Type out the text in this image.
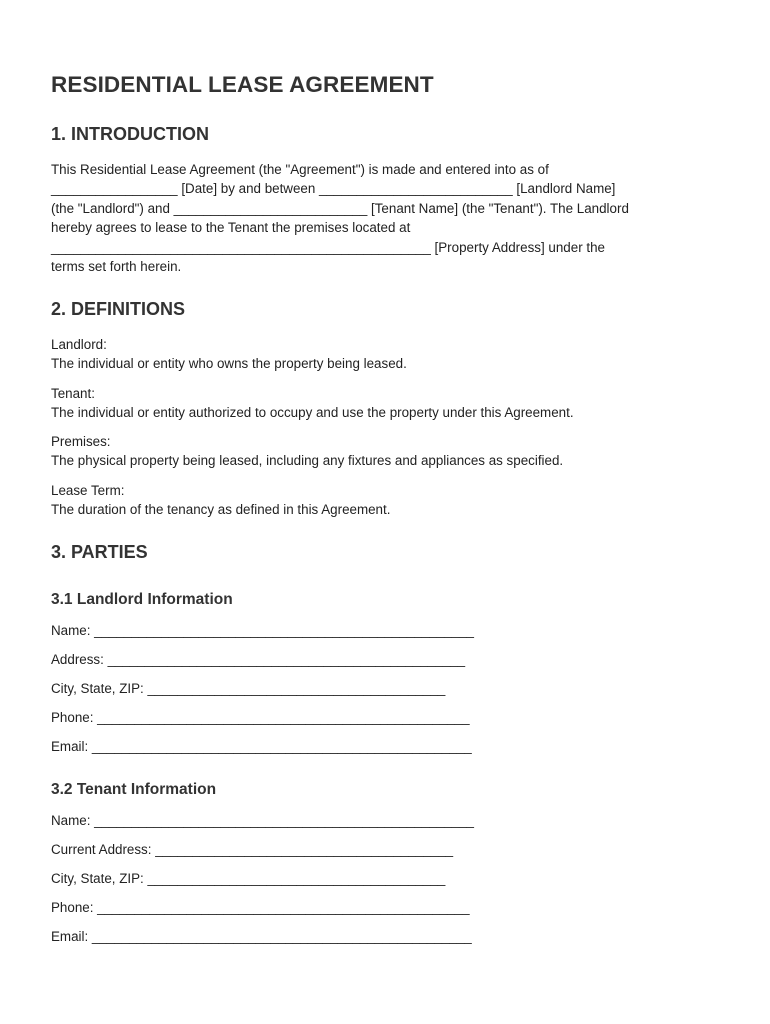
RESIDENTIAL LEASE AGREEMENT
1. INTRODUCTION
This Residential Lease Agreement (the "Agreement") is made and entered into as of
_________________ [Date] by and between __________________________ [Landlord Name]
(the "Landlord") and __________________________ [Tenant Name] (the "Tenant"). The Landlord
hereby agrees to lease to the Tenant the premises located at
___________________________________________________ [Property Address] under the
terms set forth herein.
2. DEFINITIONS
Landlord:
The individual or entity who owns the property being leased.
Tenant:
The individual or entity authorized to occupy and use the property under this Agreement.
Premises:
The physical property being leased, including any fixtures and appliances as specified.
Lease Term:
The duration of the tenancy as defined in this Agreement.
3. PARTIES
3.1 Landlord Information
Name: ___________________________________________________
Address: ________________________________________________
City, State, ZIP: ________________________________________
Phone: __________________________________________________
Email: ___________________________________________________
3.2 Tenant Information
Name: ___________________________________________________
Current Address: ________________________________________
City, State, ZIP: ________________________________________
Phone: __________________________________________________
Email: ___________________________________________________
